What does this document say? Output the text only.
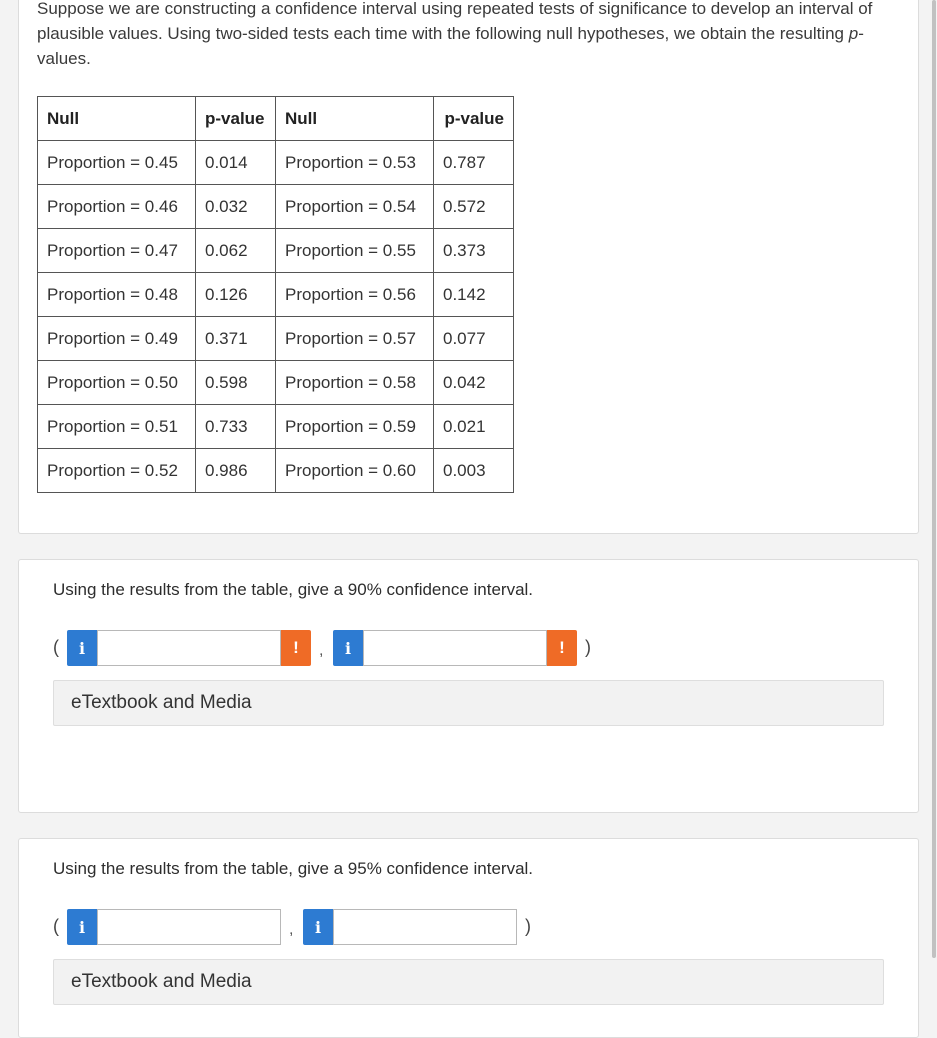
Suppose we are constructing a confidence interval using repeated tests of significance to develop an interval of
plausible values. Using two-sided tests each time with the following null hypotheses, we obtain the resulting p-
values.
Null	p-value	Null	p-value
Proportion = 0.45	0.014	Proportion = 0.53	0.787
Proportion = 0.46	0.032	Proportion = 0.54	0.572
Proportion = 0.47	0.062	Proportion = 0.55	0.373
Proportion = 0.48	0.126	Proportion = 0.56	0.142
Proportion = 0.49	0.371	Proportion = 0.57	0.077
Proportion = 0.50	0.598	Proportion = 0.58	0.042
Proportion = 0.51	0.733	Proportion = 0.59	0.021
Proportion = 0.52	0.986	Proportion = 0.60	0.003
Using the results from the table, give a 90% confidence interval.
(	i	!	,	i	!	)
eTextbook and Media
Using the results from the table, give a 95% confidence interval.
(	i	,	i	)
eTextbook and Media
